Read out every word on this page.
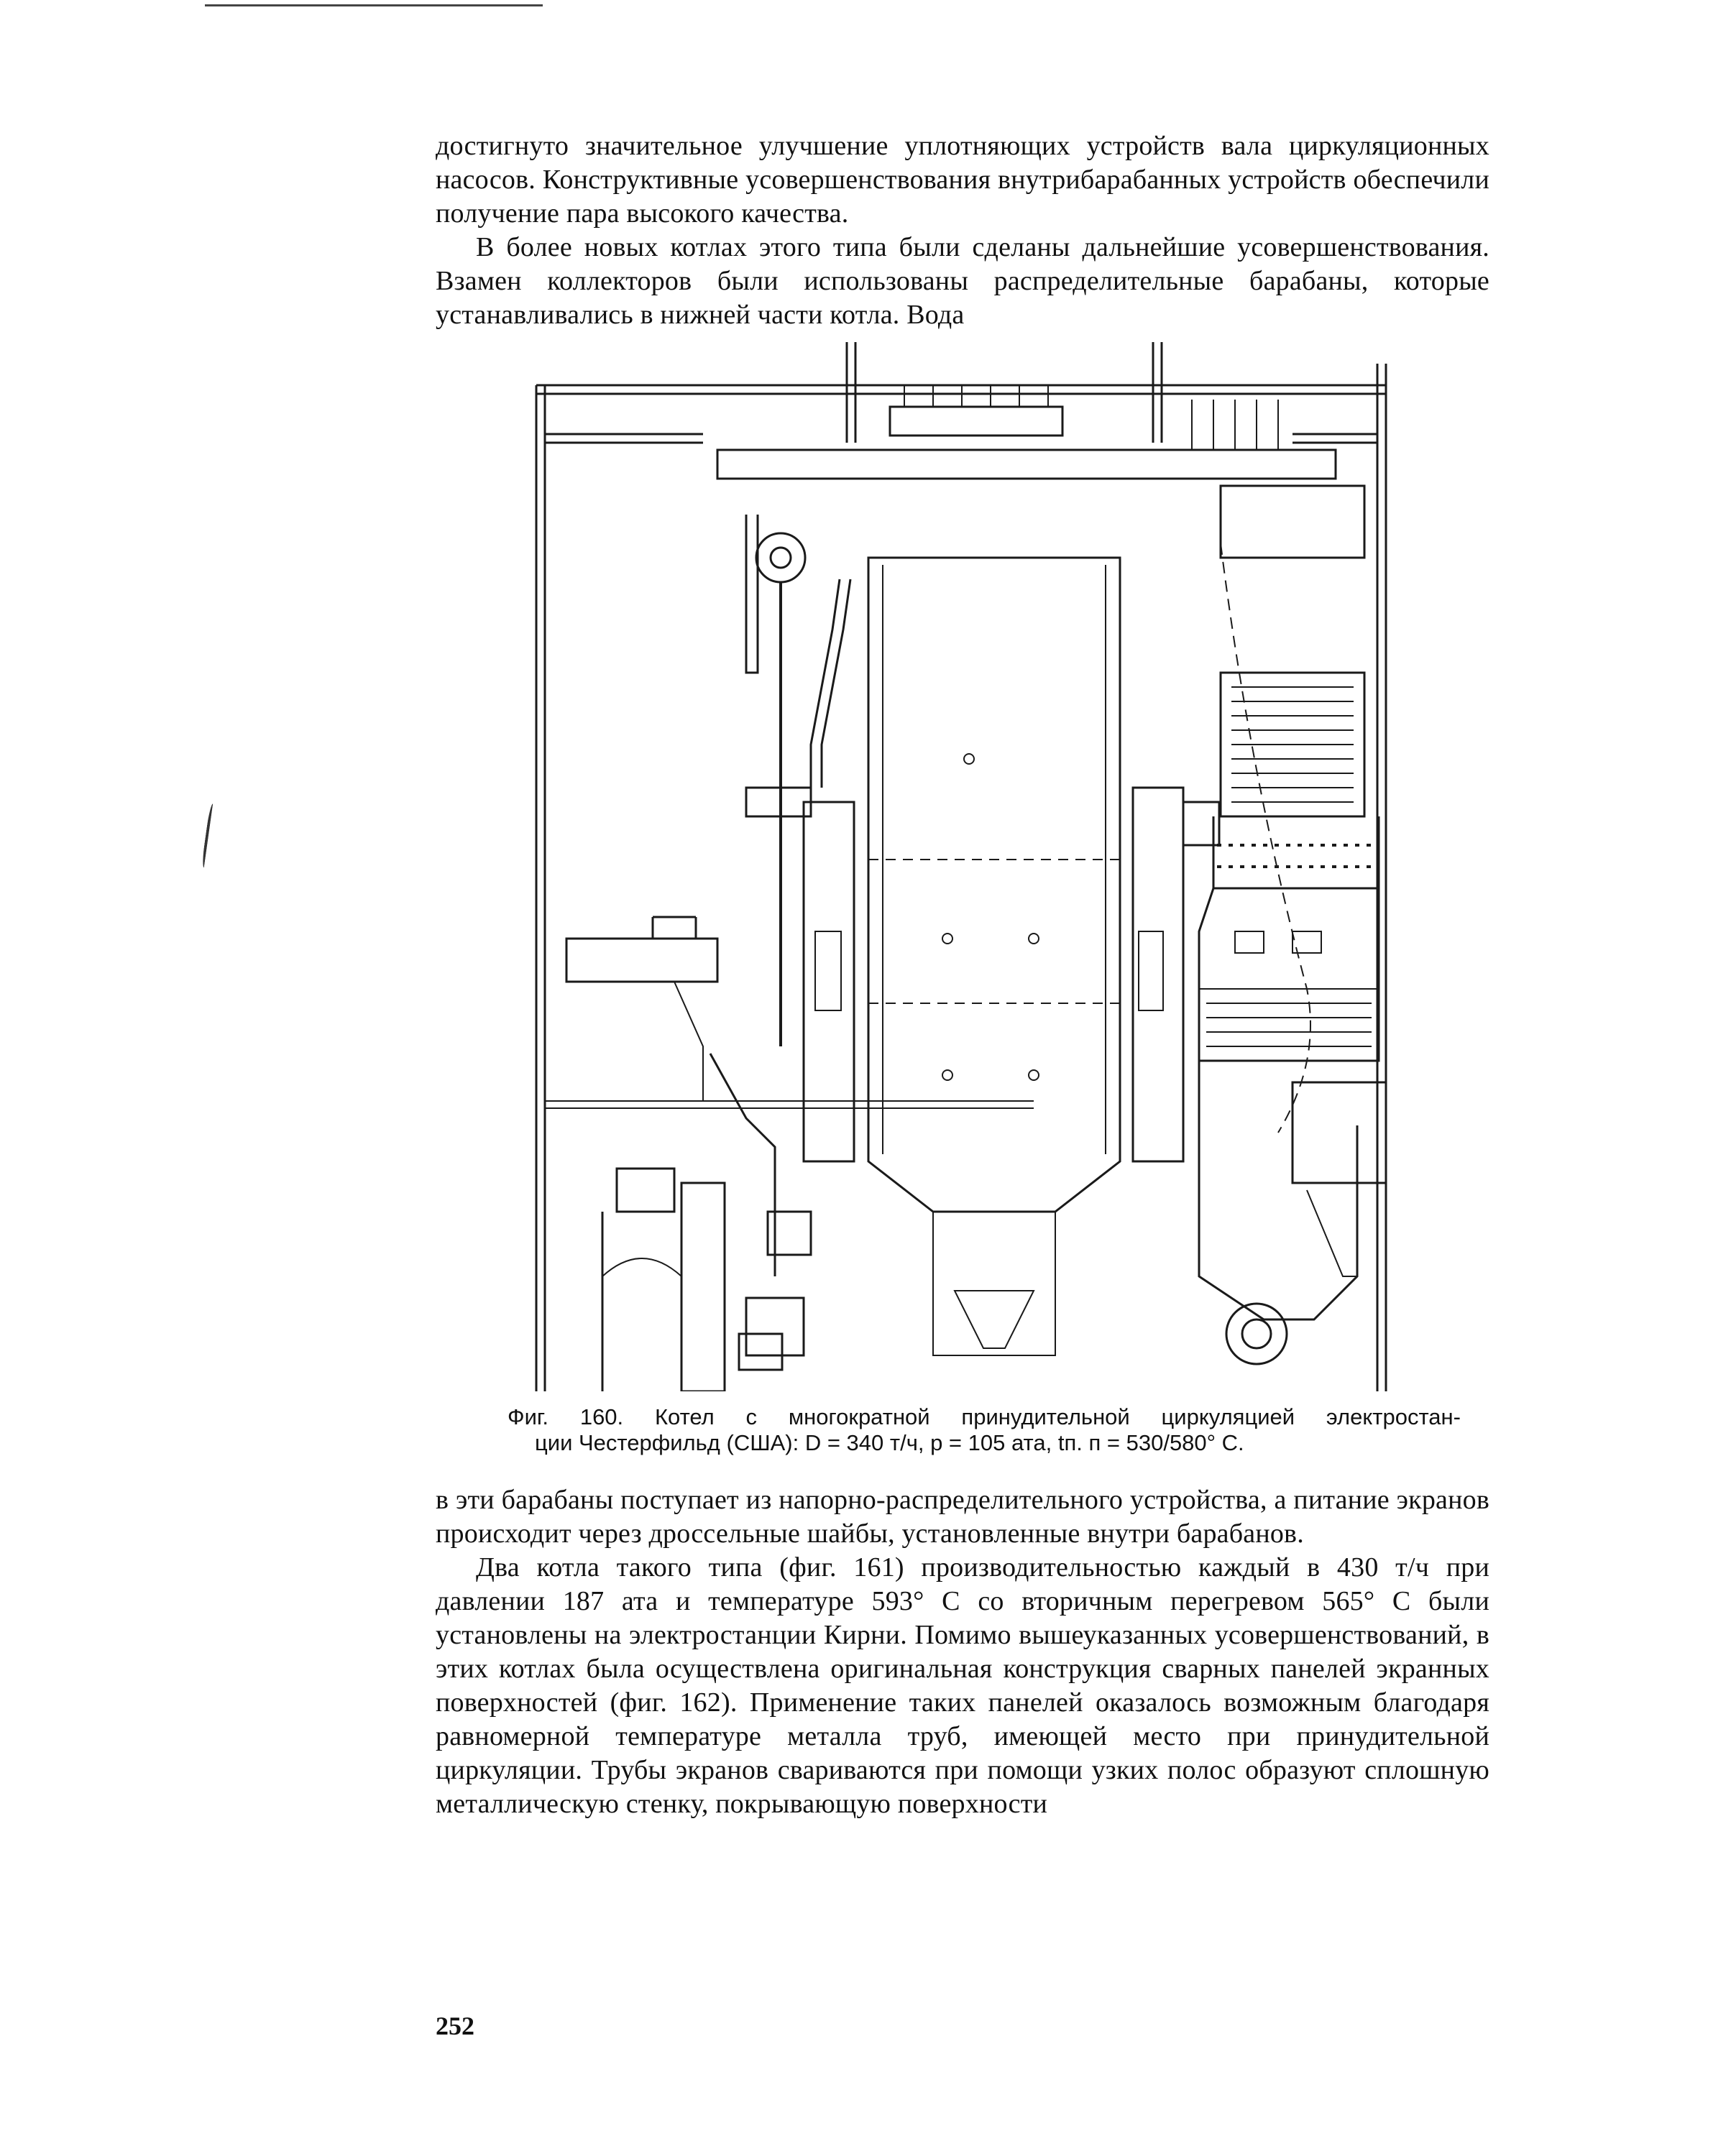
достигнуто значительное улучшение уплотняющих устройств вала циркуляционных насосов. Конструктивные усовершенствования внутрибарабанных устройств обеспечили получение пара высокого качества.

В более новых котлах этого типа были сделаны дальнейшие усовершенствования. Взамен коллекторов были использованы распределительные барабаны, которые устанавливались в нижней части котла. Вода

Фиг. 160. Котел с многократной принудительной циркуляцией электростан-
ции Честерфильд (США): D = 340 т/ч, p = 105 ата, tп. п = 530/580° С.

в эти барабаны поступает из напорно-распределительного устройства, а питание экранов происходит через дроссельные шайбы, установленные внутри барабанов.

Два котла такого типа (фиг. 161) производительностью каждый в 430 т/ч при давлении 187 ата и температуре 593° С со вторичным перегревом 565° С были установлены на электростанции Кирни. Помимо вышеуказанных усовершенствований, в этих котлах была осуществлена оригинальная конструкция сварных панелей экранных поверхностей (фиг. 162). Применение таких панелей оказалось возможным благодаря равномерной температуре металла труб, имеющей место при принудительной циркуляции. Трубы экранов свариваются при помощи узких полос образуют сплошную металлическую стенку, покрывающую поверхности

252
